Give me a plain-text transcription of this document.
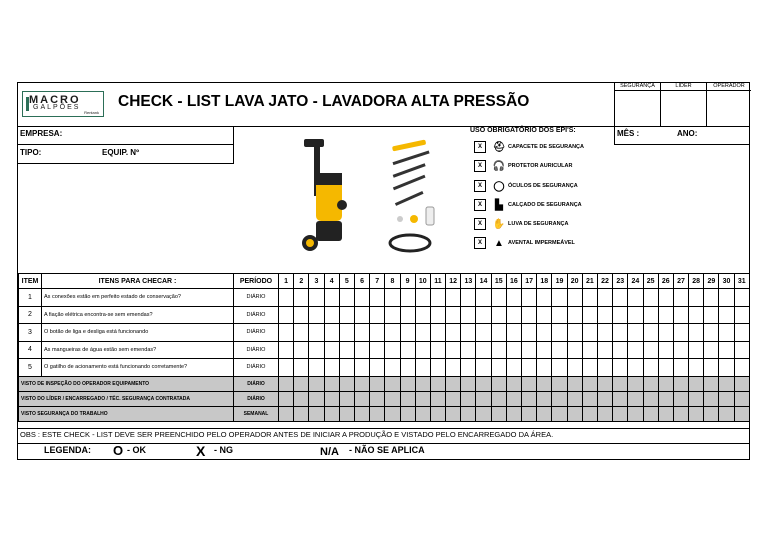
MACRO
GALPÕES
Rentank
CHECK - LIST LAVA JATO - LAVADORA ALTA PRESSÃO
SEGURANÇA	LÍDER	OPERADOR
EMPRESA:
TIPO:	EQUIP. Nº
MÊS :	ANO:
USO OBRIGATÓRIO DOS EPI'S:
X	⛑ CAPACETE DE SEGURANÇA
X	🎧 PROTETOR AURICULAR
X	◯ ÓCULOS DE SEGURANÇA
X	▙ CALÇADO DE SEGURANÇA
X	✋ LUVA DE SEGURANÇA
X	▲ AVENTAL IMPERMEÁVEL
ITEM	ITENS PARA CHECAR :	PERÍODO	1	2	3	4	5	6	7	8	9	10	11	12	13	14	15	16	17	18	19	20	21	22	23	24	25	26	27	28	29	30	31
1	As conexões estão em perfeito estado de conservação?	DIÁRIO																															
2	A fiação elétrica encontra-se sem emendas?	DIÁRIO																															
3	O botão de liga e desliga está funcionando	DIÁRIO																															
4	As mangueiras de água estão sem emendas?	DIÁRIO																															
5	O gatilho de acionamento está funcionando corretamente?	DIÁRIO																															
VISTO DE INSPEÇÃO DO OPERADOR EQUIPAMENTO		DIÁRIO																															
VISTO DO LÍDER / ENCARREGADO / TÉC. SEGURANÇA CONTRATADA		DIÁRIO																															
VISTO SEGURANÇA DO TRABALHO		SEMANAL																															
OBS : ESTE CHECK - LIST DEVE SER PREENCHIDO PELO OPERADOR ANTES DE INICIAR A PRODUÇÃO E VISTADO PELO ENCARREGADO DA ÁREA.
LEGENDA: O - OK	X - NG	N/A - NÃO SE APLICA
